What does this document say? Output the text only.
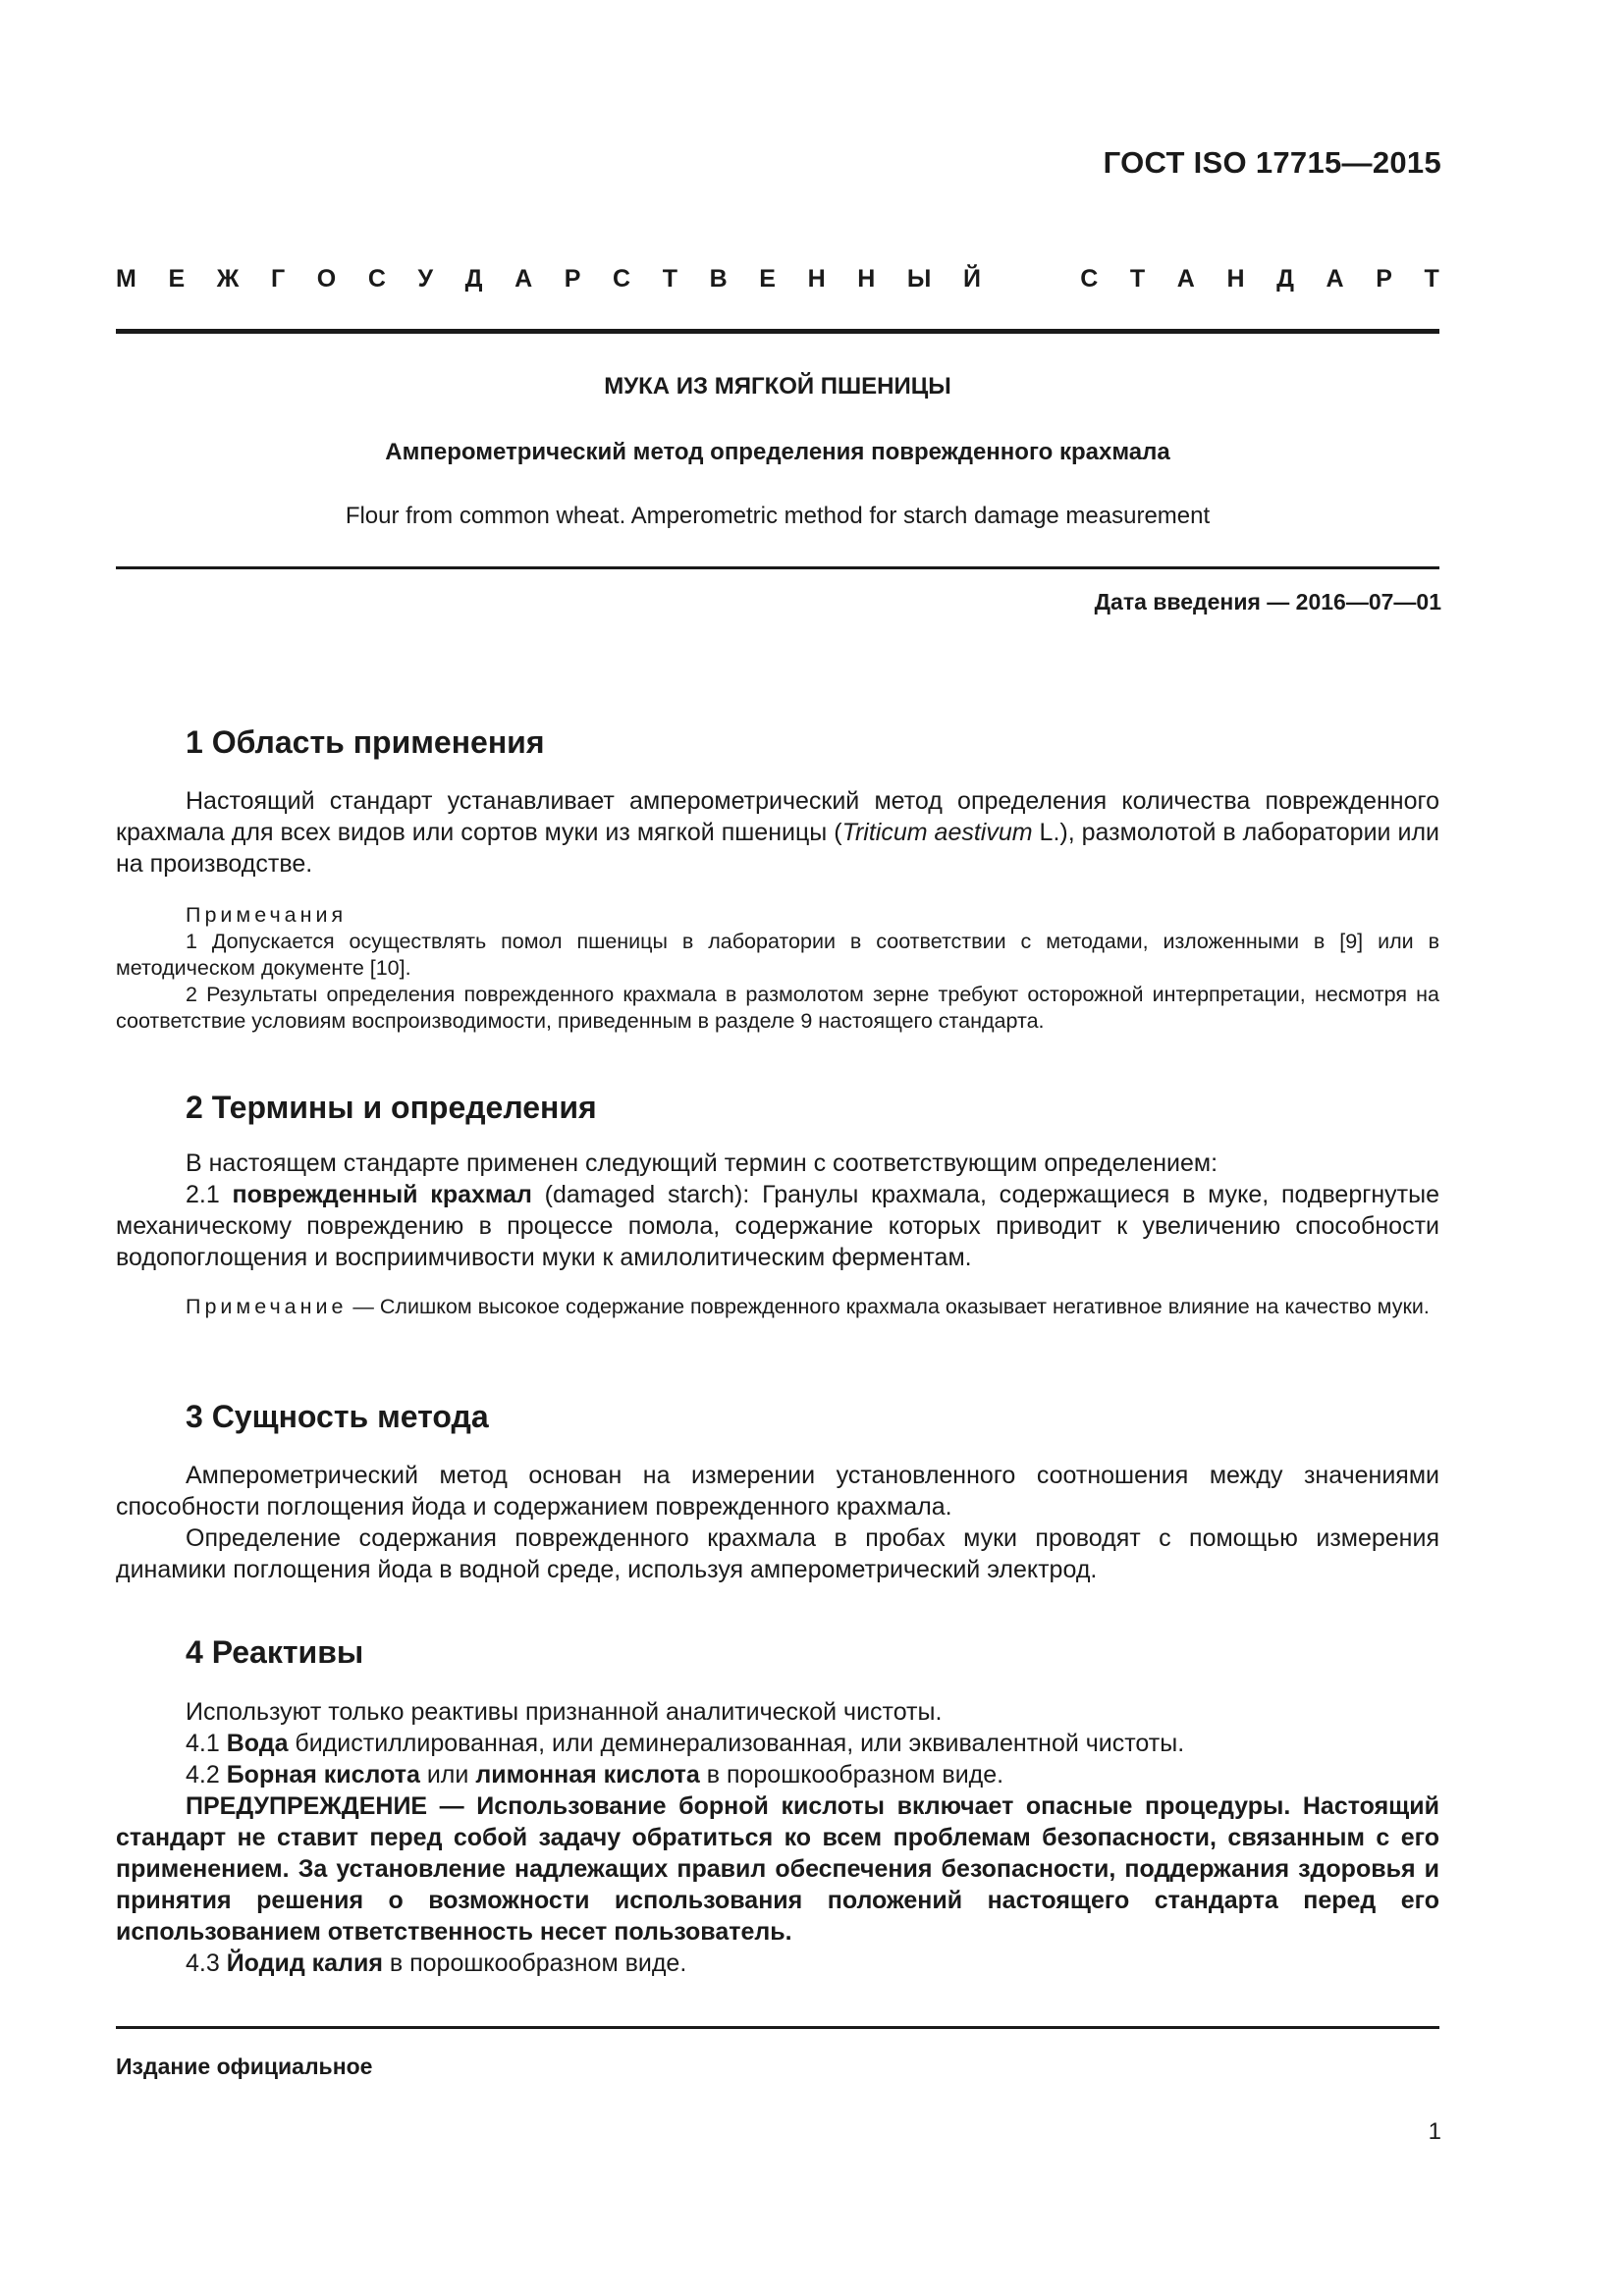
ГОСТ ISO 17715—2015
М Е Ж Г О С У Д А Р С Т В Е Н Н Ы Й	С Т А Н Д А Р Т
МУКА ИЗ МЯГКОЙ ПШЕНИЦЫ
Амперометрический метод определения поврежденного крахмала
Flour from common wheat. Amperometric method for starch damage measurement
Дата введения — 2016—07—01
1 Область применения

Настоящий стандарт устанавливает амперометрический метод определения количества поврежденного крахмала для всех видов или сортов муки из мягкой пшеницы (Triticum aestivum L.), размолотой в лаборатории или на производстве.

Примечания

1 Допускается осуществлять помол пшеницы в лаборатории в соответствии с методами, изложенными в [9] или в методическом документе [10].

2 Результаты определения поврежденного крахмала в размолотом зерне требуют осторожной интерпретации, несмотря на соответствие условиям воспроизводимости, приведенным в разделе 9 настоящего стандарта.

2 Термины и определения

В настоящем стандарте применен следующий термин с соответствующим определением:

2.1 поврежденный крахмал (damaged starch): Гранулы крахмала, содержащиеся в муке, подвергнутые механическому повреждению в процессе помола, содержание которых приводит к увеличению способности водопоглощения и восприимчивости муки к амилолитическим ферментам.

Примечание — Слишком высокое содержание поврежденного крахмала оказывает негативное влияние на качество муки.

3 Сущность метода

Амперометрический метод основан на измерении установленного соотношения между значениями способности поглощения йода и содержанием поврежденного крахмала.

Определение содержания поврежденного крахмала в пробах муки проводят с помощью измерения динамики поглощения йода в водной среде, используя амперометрический электрод.

4 Реактивы

Используют только реактивы признанной аналитической чистоты.

4.1 Вода бидистиллированная, или деминерализованная, или эквивалентной чистоты.

4.2 Борная кислота или лимонная кислота в порошкообразном виде.

ПРЕДУПРЕЖДЕНИЕ — Использование борной кислоты включает опасные процедуры. Настоящий стандарт не ставит перед собой задачу обратиться ко всем проблемам безопасности, связанным с его применением. За установление надлежащих правил обеспечения безопасности, поддержания здоровья и принятия решения о возможности использования положений настоящего стандарта перед его использованием ответственность несет пользователь.

4.3 Йодид калия в порошкообразном виде.

Издание официальное
1
